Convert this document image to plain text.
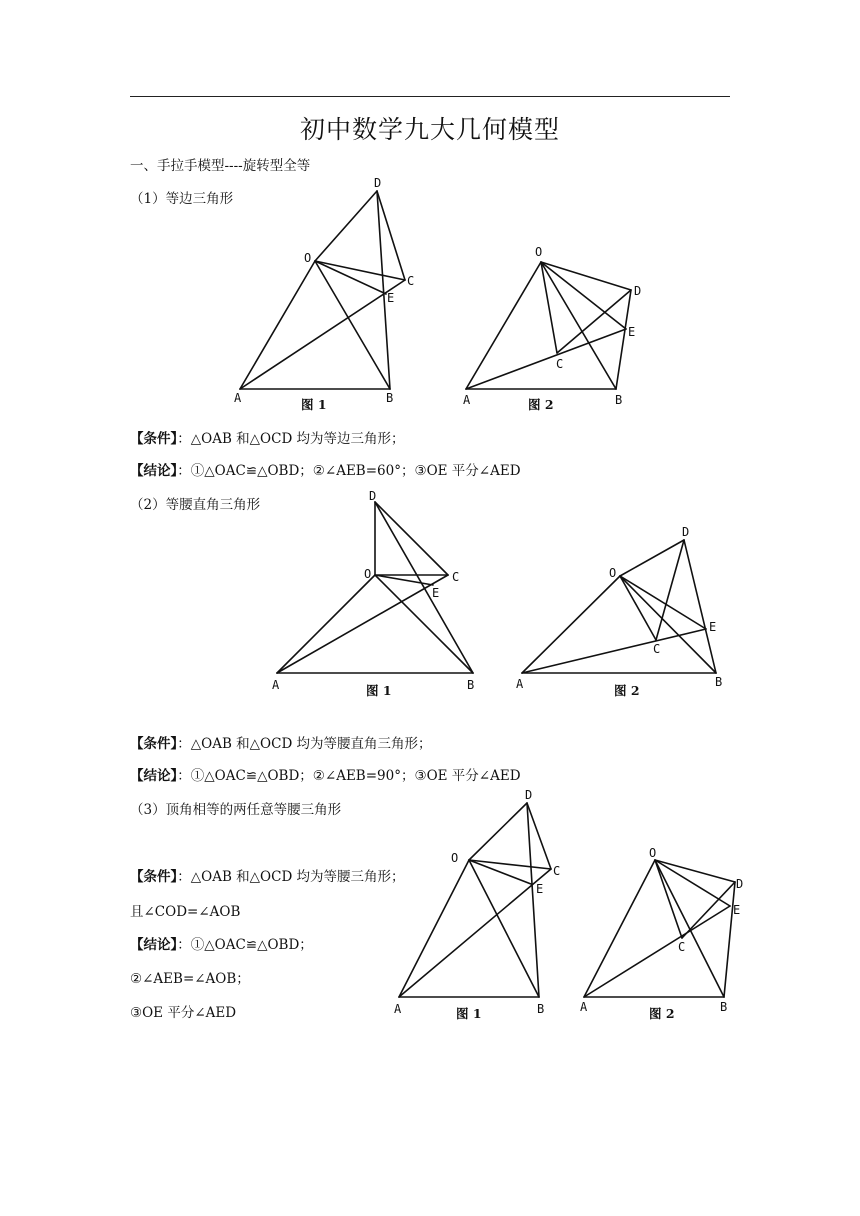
初中数学九大几何模型
一、手拉手模型----旋转型全等
（1）等边三角形
O
D
C
E
A	B
图 1
O
D
E
C
A	B
图 2
【条件】：△OAB 和△OCD 均为等边三角形；
【结论】：①△OAC≌△OBD；②∠AEB=60°；③OE 平分∠AED
（2）等腰直角三角形
O
D
C
E
A	B
图 1
O
D
E
C
A	B
图 2
【条件】：△OAB 和△OCD 均为等腰直角三角形；
【结论】：①△OAC≌△OBD；②∠AEB=90°；③OE 平分∠AED
（3）顶角相等的两任意等腰三角形
【条件】：△OAB 和△OCD 均为等腰三角形；
且∠COD=∠AOB
【结论】：①△OAC≌△OBD；
②∠AEB=∠AOB；
③OE 平分∠AED
O
D
C
E
A	B
图 1
O
D
E
C
A	B
图 2
